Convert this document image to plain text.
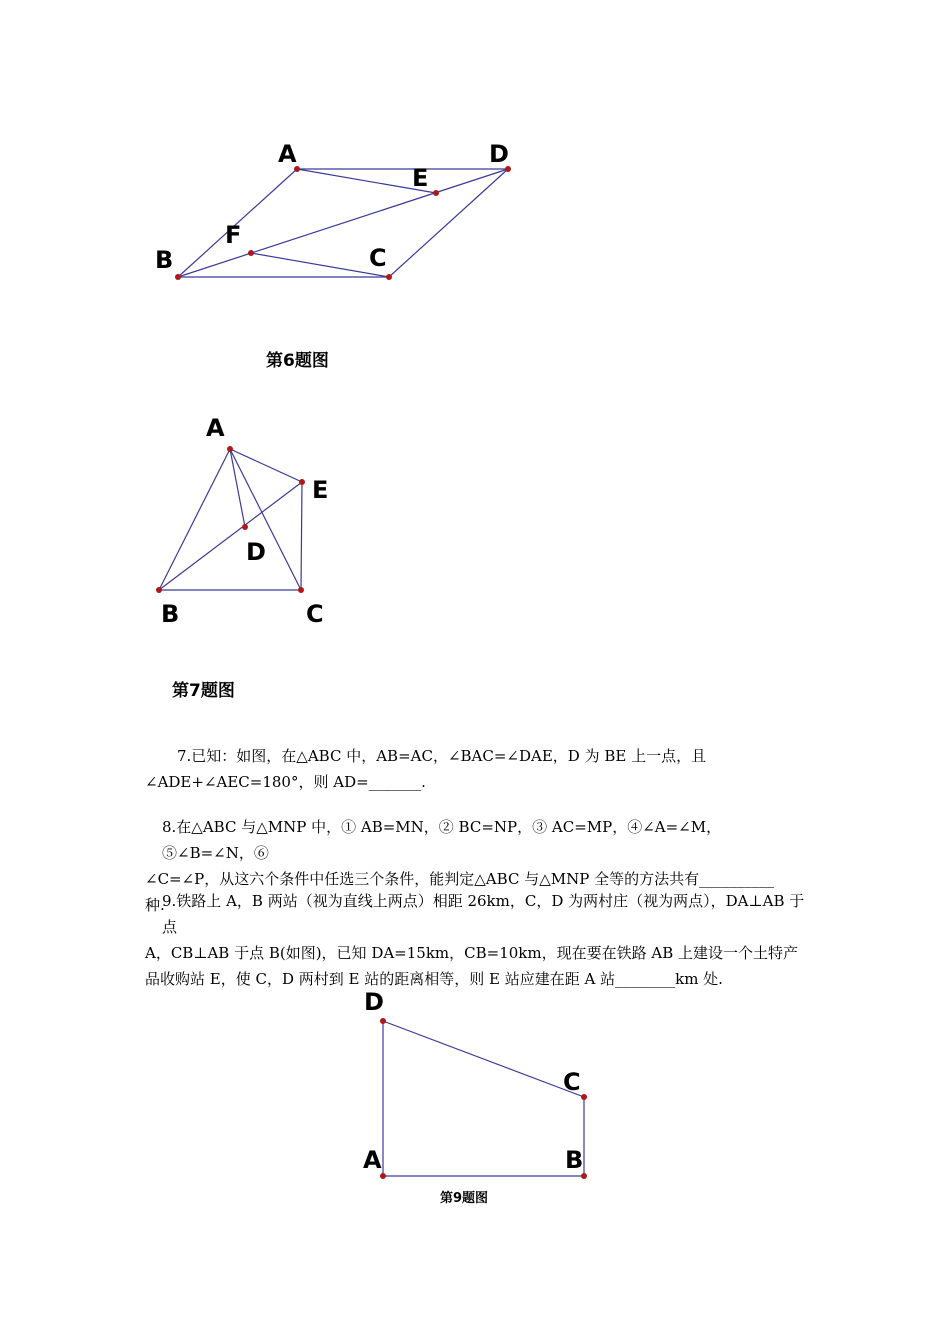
A	D
E
F
B	C
第6题图
A
E
D
B	C
第7题图

7.已知：如图，在△ABC 中，AB=AC，∠BAC=∠DAE，D 为 BE 上一点，且

∠ADE+∠AEC=180°，则 AD=_______.

8.在△ABC 与△MNP 中，① AB=MN，② BC=NP，③ AC=MP，④∠A=∠M，⑤∠B=∠N，⑥

∠C=∠P，从这六个条件中任选三个条件，能判定△ABC 与△MNP 全等的方法共有__________

种.

9.铁路上 A，B 两站（视为直线上两点）相距 26km，C，D 为两村庄（视为两点），DA⊥AB 于点

A，CB⊥AB 于点 B(如图)，已知 DA=15km，CB=10km，现在要在铁路 AB 上建设一个土特产

品收购站 E，使 C，D 两村到 E 站的距离相等，则 E 站应建在距 A 站________km 处.

D
C
A	B
第9题图
